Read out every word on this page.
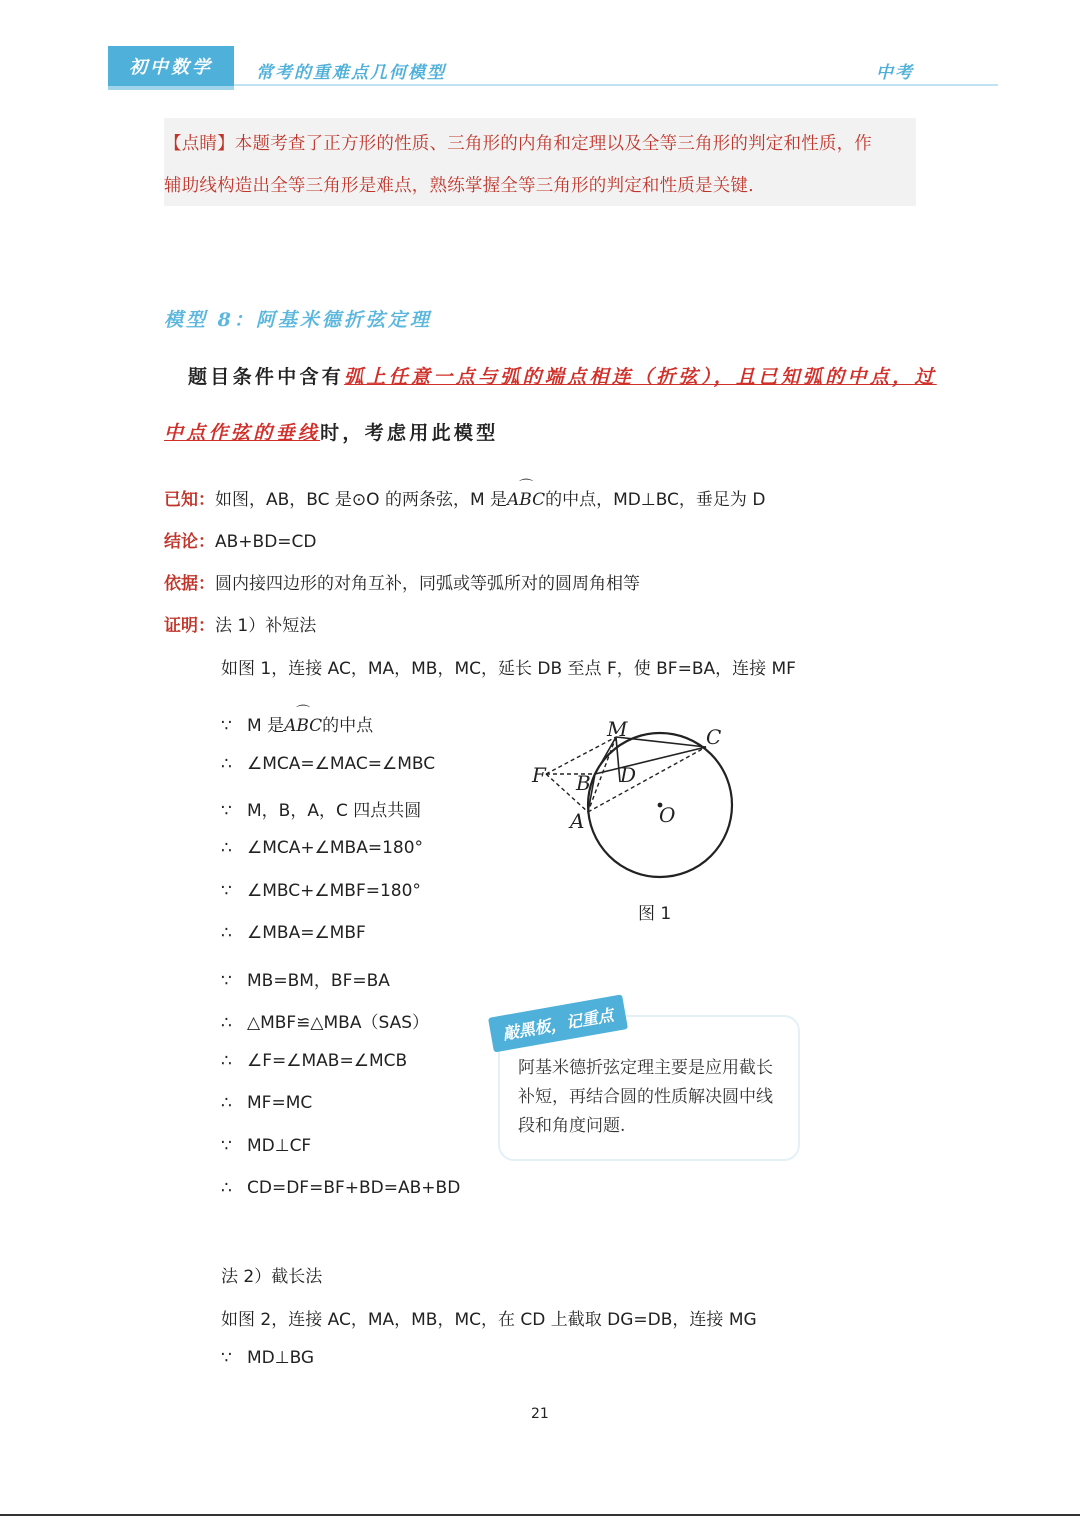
初中数学	常考的重难点几何模型	中考

【点睛】本题考查了正方形的性质、三角形的内角和定理以及全等三角形的判定和性质，作

辅助线构造出全等三角形是难点，熟练掌握全等三角形的判定和性质是关键.

模型 8：阿基米德折弦定理
题目条件中含有弧上任意一点与弧的端点相连（折弦），且已知弧的中点，过
中点作弦的垂线时，考虑用此模型
已知：如图，AB，BC 是⊙O 的两条弦，M 是⌒ ABC的中点，MD⊥BC，垂足为 D
结论：AB+BD=CD
依据：圆内接四边形的对角互补，同弧或等弧所对的圆周角相等
证明：法 1）补短法
如图 1，连接 AC，MA，MB，MC，延长 DB 至点 F，使 BF=BA，连接 MF
∵ M 是⌒ ABC的中点
∴ ∠MCA=∠MAC=∠MBC
∵ M，B，A，C 四点共圆
∴ ∠MCA+∠MBA=180°
∵ ∠MBC+∠MBF=180°
∴ ∠MBA=∠MBF
∵ MB=BM，BF=BA
∴ △MBF≌△MBA（SAS）
∴ ∠F=∠MAB=∠MCB
∴ MF=MC
∵ MD⊥CF
∴ CD=DF=BF+BD=AB+BD
M	C
F B D
A	O
图 1
敲黑板，记重点
阿基米德折弦定理主要是应用截长补短，再结合圆的性质解决圆中线段和角度问题.
法 2）截长法
如图 2，连接 AC，MA，MB，MC，在 CD 上截取 DG=DB，连接 MG
∵ MD⊥BG
21
